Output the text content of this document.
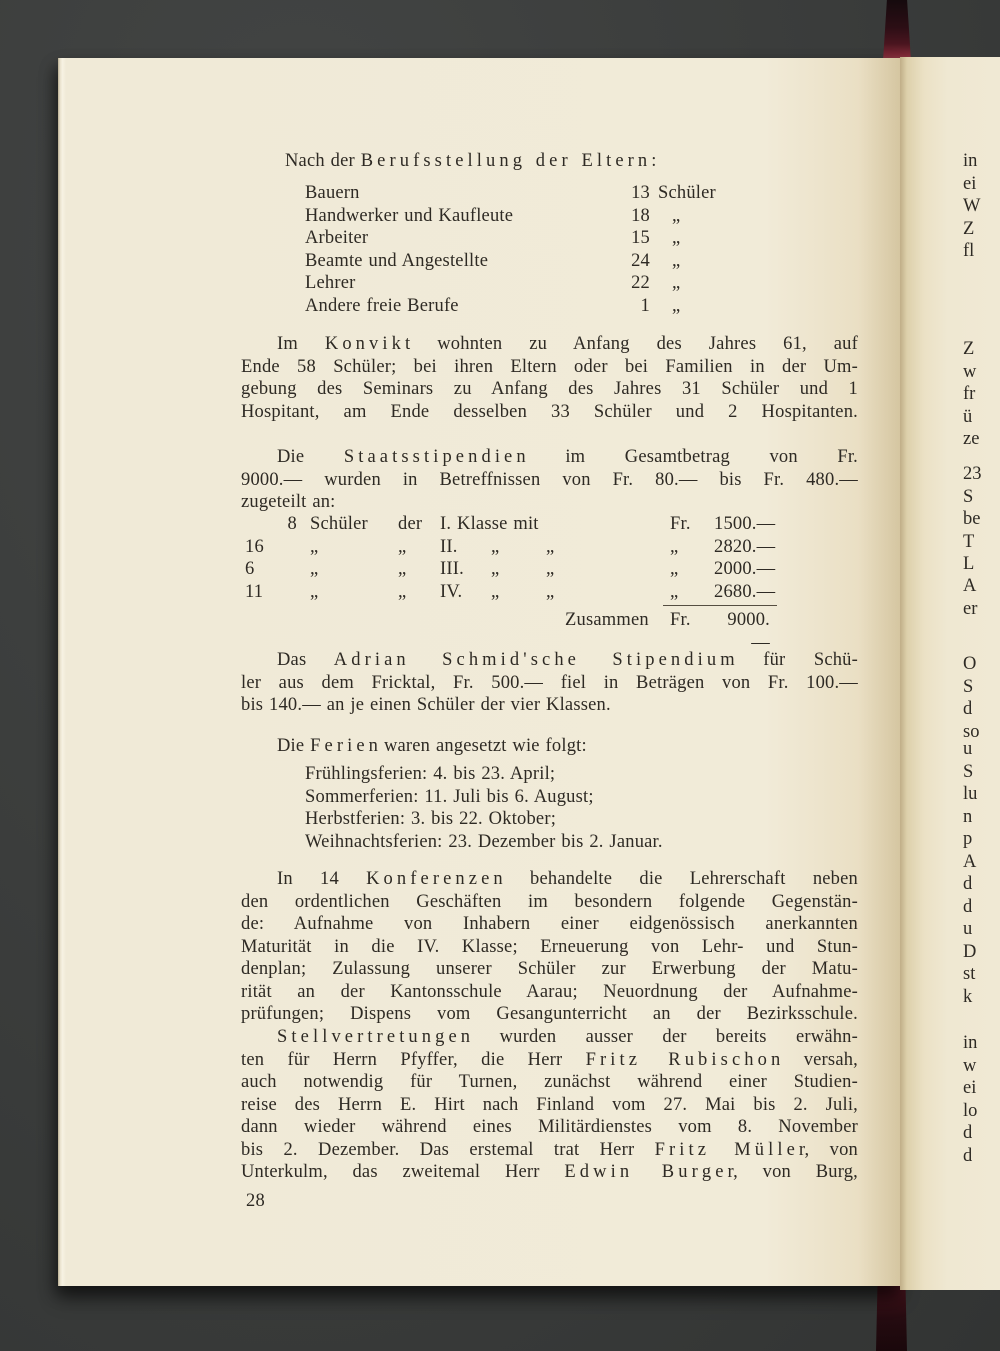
Nach der B e r u f s s t e l l u n g   d e r   E l t e r n :
Bauern	13 Schüler
Handwerker und Kaufleute	18	„
Arbeiter	15	„
Beamte und Angestellte	24	„
Lehrer	22	„
Andere freie Berufe	1	„
Im K o n v i k t wohnten zu Anfang des Jahres 61, auf
Ende 58 Schüler; bei ihren Eltern oder bei Familien in der Um-
gebung des Seminars zu Anfang des Jahres 31 Schüler und 1
Hospitant, am Ende desselben 33 Schüler und 2 Hospitanten.
Die S t a a t s s t i p e n d i e n im Gesamtbetrag von Fr.
9000.— wurden in Betreffnissen von Fr. 80.— bis Fr. 480.—
zugeteilt an:
8 Schüler	der I. Klasse mit	Fr.	1500.—
16	„	„	II.	„	„	„	2820.—
6	„	„	III.	„	„	„	2000.—
11	„	„	IV.	„	„	„	2680.—
Zusammen	Fr.	9000.—
Das A d r i a n   S c h m i d ' s c h e   S t i p e n d i u m für Schü-
ler aus dem Fricktal, Fr. 500.— fiel in Beträgen von Fr. 100.—
bis 140.— an je einen Schüler der vier Klassen.
Die F e r i e n waren angesetzt wie folgt:
Frühlingsferien: 4. bis 23. April;
Sommerferien: 11. Juli bis 6. August;
Herbstferien: 3. bis 22. Oktober;
Weihnachtsferien: 23. Dezember bis 2. Januar.
In 14 K o n f e r e n z e n behandelte die Lehrerschaft neben
den ordentlichen Geschäften im besondern folgende Gegenstän-
de: Aufnahme von Inhabern einer eidgenössisch anerkannten
Maturität in die IV. Klasse; Erneuerung von Lehr- und Stun-
denplan; Zulassung unserer Schüler zur Erwerbung der Matu-
rität an der Kantonsschule Aarau; Neuordnung der Aufnahme-
prüfungen; Dispens vom Gesangunterricht an der Bezirksschule.
S t e l l v e r t r e t u n g e n wurden ausser der bereits erwähn-
ten für Herrn Pfyffer, die Herr F r i t z   R u b i s c h o n versah,
auch notwendig für Turnen, zunächst während einer Studien-
reise des Herrn E. Hirt nach Finland vom 27. Mai bis 2. Juli,
dann wieder während eines Militärdienstes vom 8. November
bis 2. Dezember. Das erstemal trat Herr F r i t z   M ü l l e r, von
Unterkulm, das zweitemal Herr E d w i n   B u r g e r, von Burg,
28
in
ei
W
Z
fl
Z
w
fr
ü
ze
23
S
be
T
L
A
er
O
S
d
so
u
S
lu
n
p
A
d
d
u
D
st
k
in
w
ei
lo
d
d
